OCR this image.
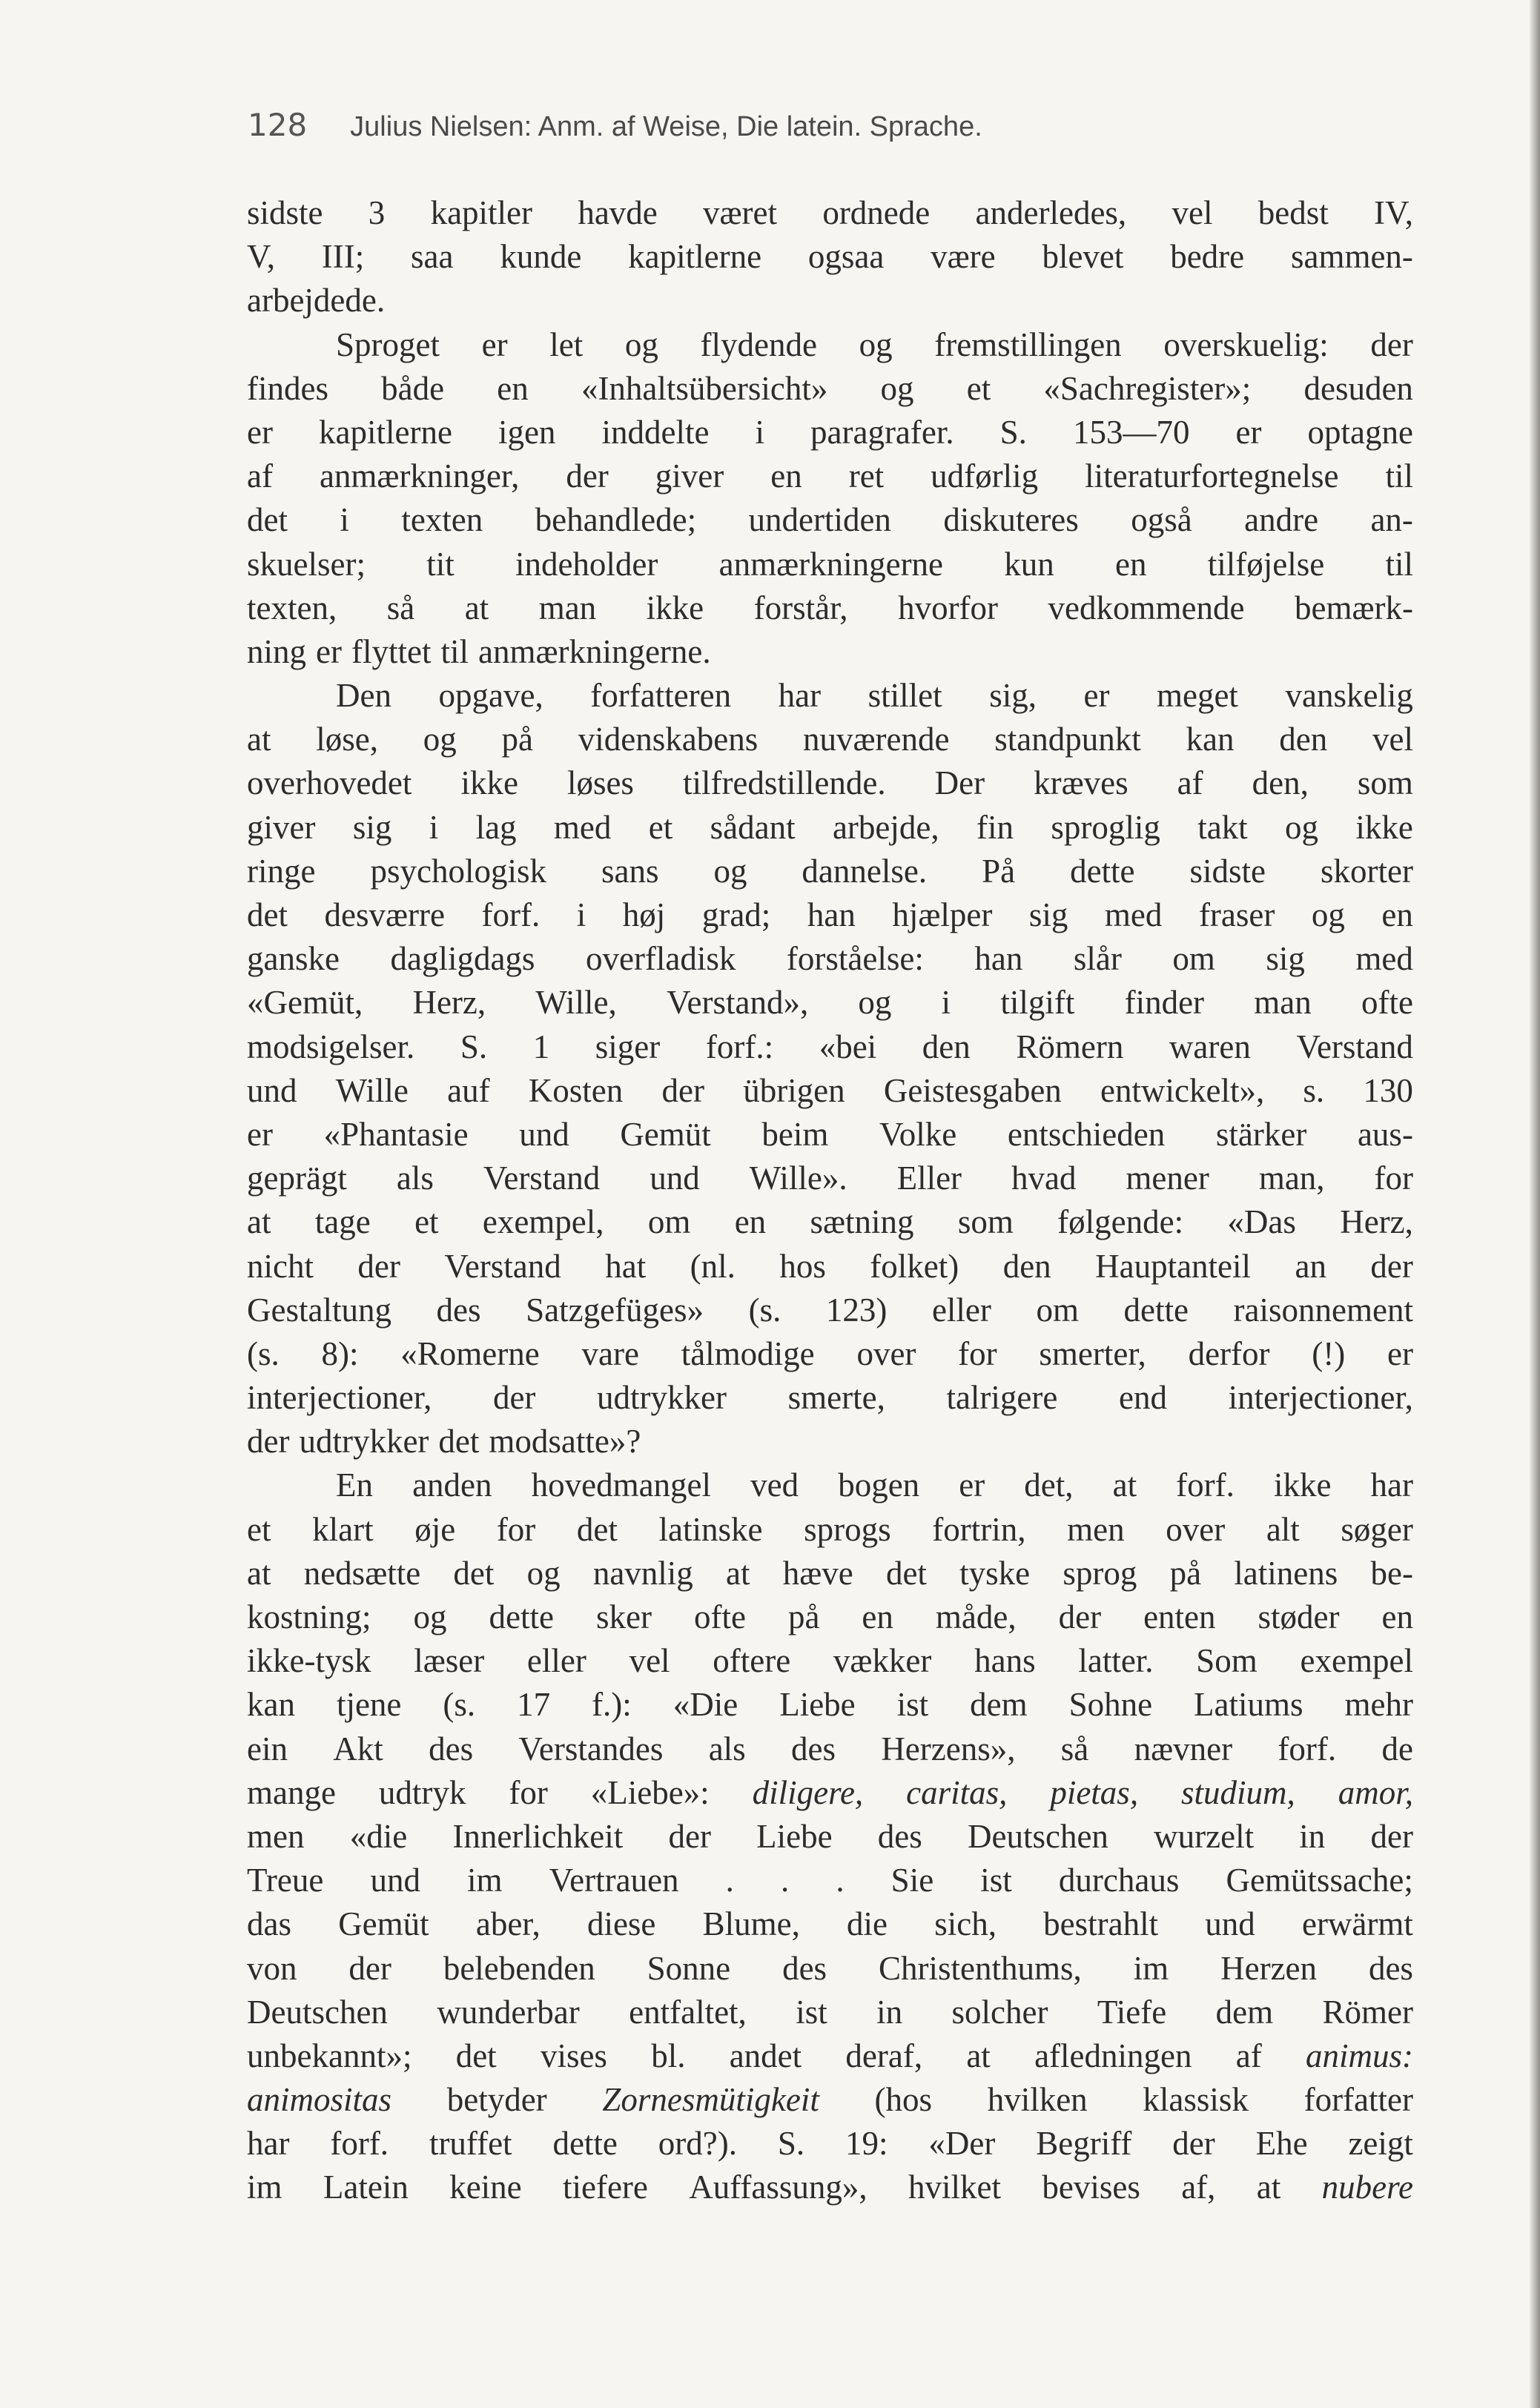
128 Julius Nielsen: Anm. af Weise, Die latein. Sprache.
sidste 3 kapitler havde været ordnede anderledes, vel bedst IV,
V, III; saa kunde kapitlerne ogsaa være blevet bedre sammen-
arbejdede.
Sproget er let og flydende og fremstillingen overskuelig: der
findes både en «Inhaltsübersicht» og et «Sachregister»; desuden
er kapitlerne igen inddelte i paragrafer. S. 153—70 er optagne
af anmærkninger, der giver en ret udførlig literaturfortegnelse til
det i texten behandlede; undertiden diskuteres også andre an-
skuelser; tit indeholder anmærkningerne kun en tilføjelse til
texten, så at man ikke forstår, hvorfor vedkommende bemærk-
ning er flyttet til anmærkningerne.
Den opgave, forfatteren har stillet sig, er meget vanskelig
at løse, og på videnskabens nuværende standpunkt kan den vel
overhovedet ikke løses tilfredstillende. Der kræves af den, som
giver sig i lag med et sådant arbejde, fin sproglig takt og ikke
ringe psychologisk sans og dannelse. På dette sidste skorter
det desværre forf. i høj grad; han hjælper sig med fraser og en
ganske dagligdags overfladisk forståelse: han slår om sig med
«Gemüt, Herz, Wille, Verstand», og i tilgift finder man ofte
modsigelser. S. 1 siger forf.: «bei den Römern waren Verstand
und Wille auf Kosten der übrigen Geistesgaben entwickelt», s. 130
er «Phantasie und Gemüt beim Volke entschieden stärker aus-
geprägt als Verstand und Wille». Eller hvad mener man, for
at tage et exempel, om en sætning som følgende: «Das Herz,
nicht der Verstand hat (nl. hos folket) den Hauptanteil an der
Gestaltung des Satzgefüges» (s. 123) eller om dette raisonnement
(s. 8): «Romerne vare tålmodige over for smerter, derfor (!) er
interjectioner, der udtrykker smerte, talrigere end interjectioner,
der udtrykker det modsatte»?
En anden hovedmangel ved bogen er det, at forf. ikke har
et klart øje for det latinske sprogs fortrin, men over alt søger
at nedsætte det og navnlig at hæve det tyske sprog på latinens be-
kostning; og dette sker ofte på en måde, der enten støder en
ikke-tysk læser eller vel oftere vækker hans latter. Som exempel
kan tjene (s. 17 f.): «Die Liebe ist dem Sohne Latiums mehr
ein Akt des Verstandes als des Herzens», så nævner forf. de
mange udtryk for «Liebe»: diligere, caritas, pietas, studium, amor,
men «die Innerlichkeit der Liebe des Deutschen wurzelt in der
Treue und im Vertrauen . . . Sie ist durchaus Gemütssache;
das Gemüt aber, diese Blume, die sich, bestrahlt und erwärmt
von der belebenden Sonne des Christenthums, im Herzen des
Deutschen wunderbar entfaltet, ist in solcher Tiefe dem Römer
unbekannt»; det vises bl. andet deraf, at afledningen af animus:
animositas betyder Zornesmütigkeit (hos hvilken klassisk forfatter
har forf. truffet dette ord?). S. 19: «Der Begriff der Ehe zeigt
im Latein keine tiefere Auffassung», hvilket bevises af, at nubere
